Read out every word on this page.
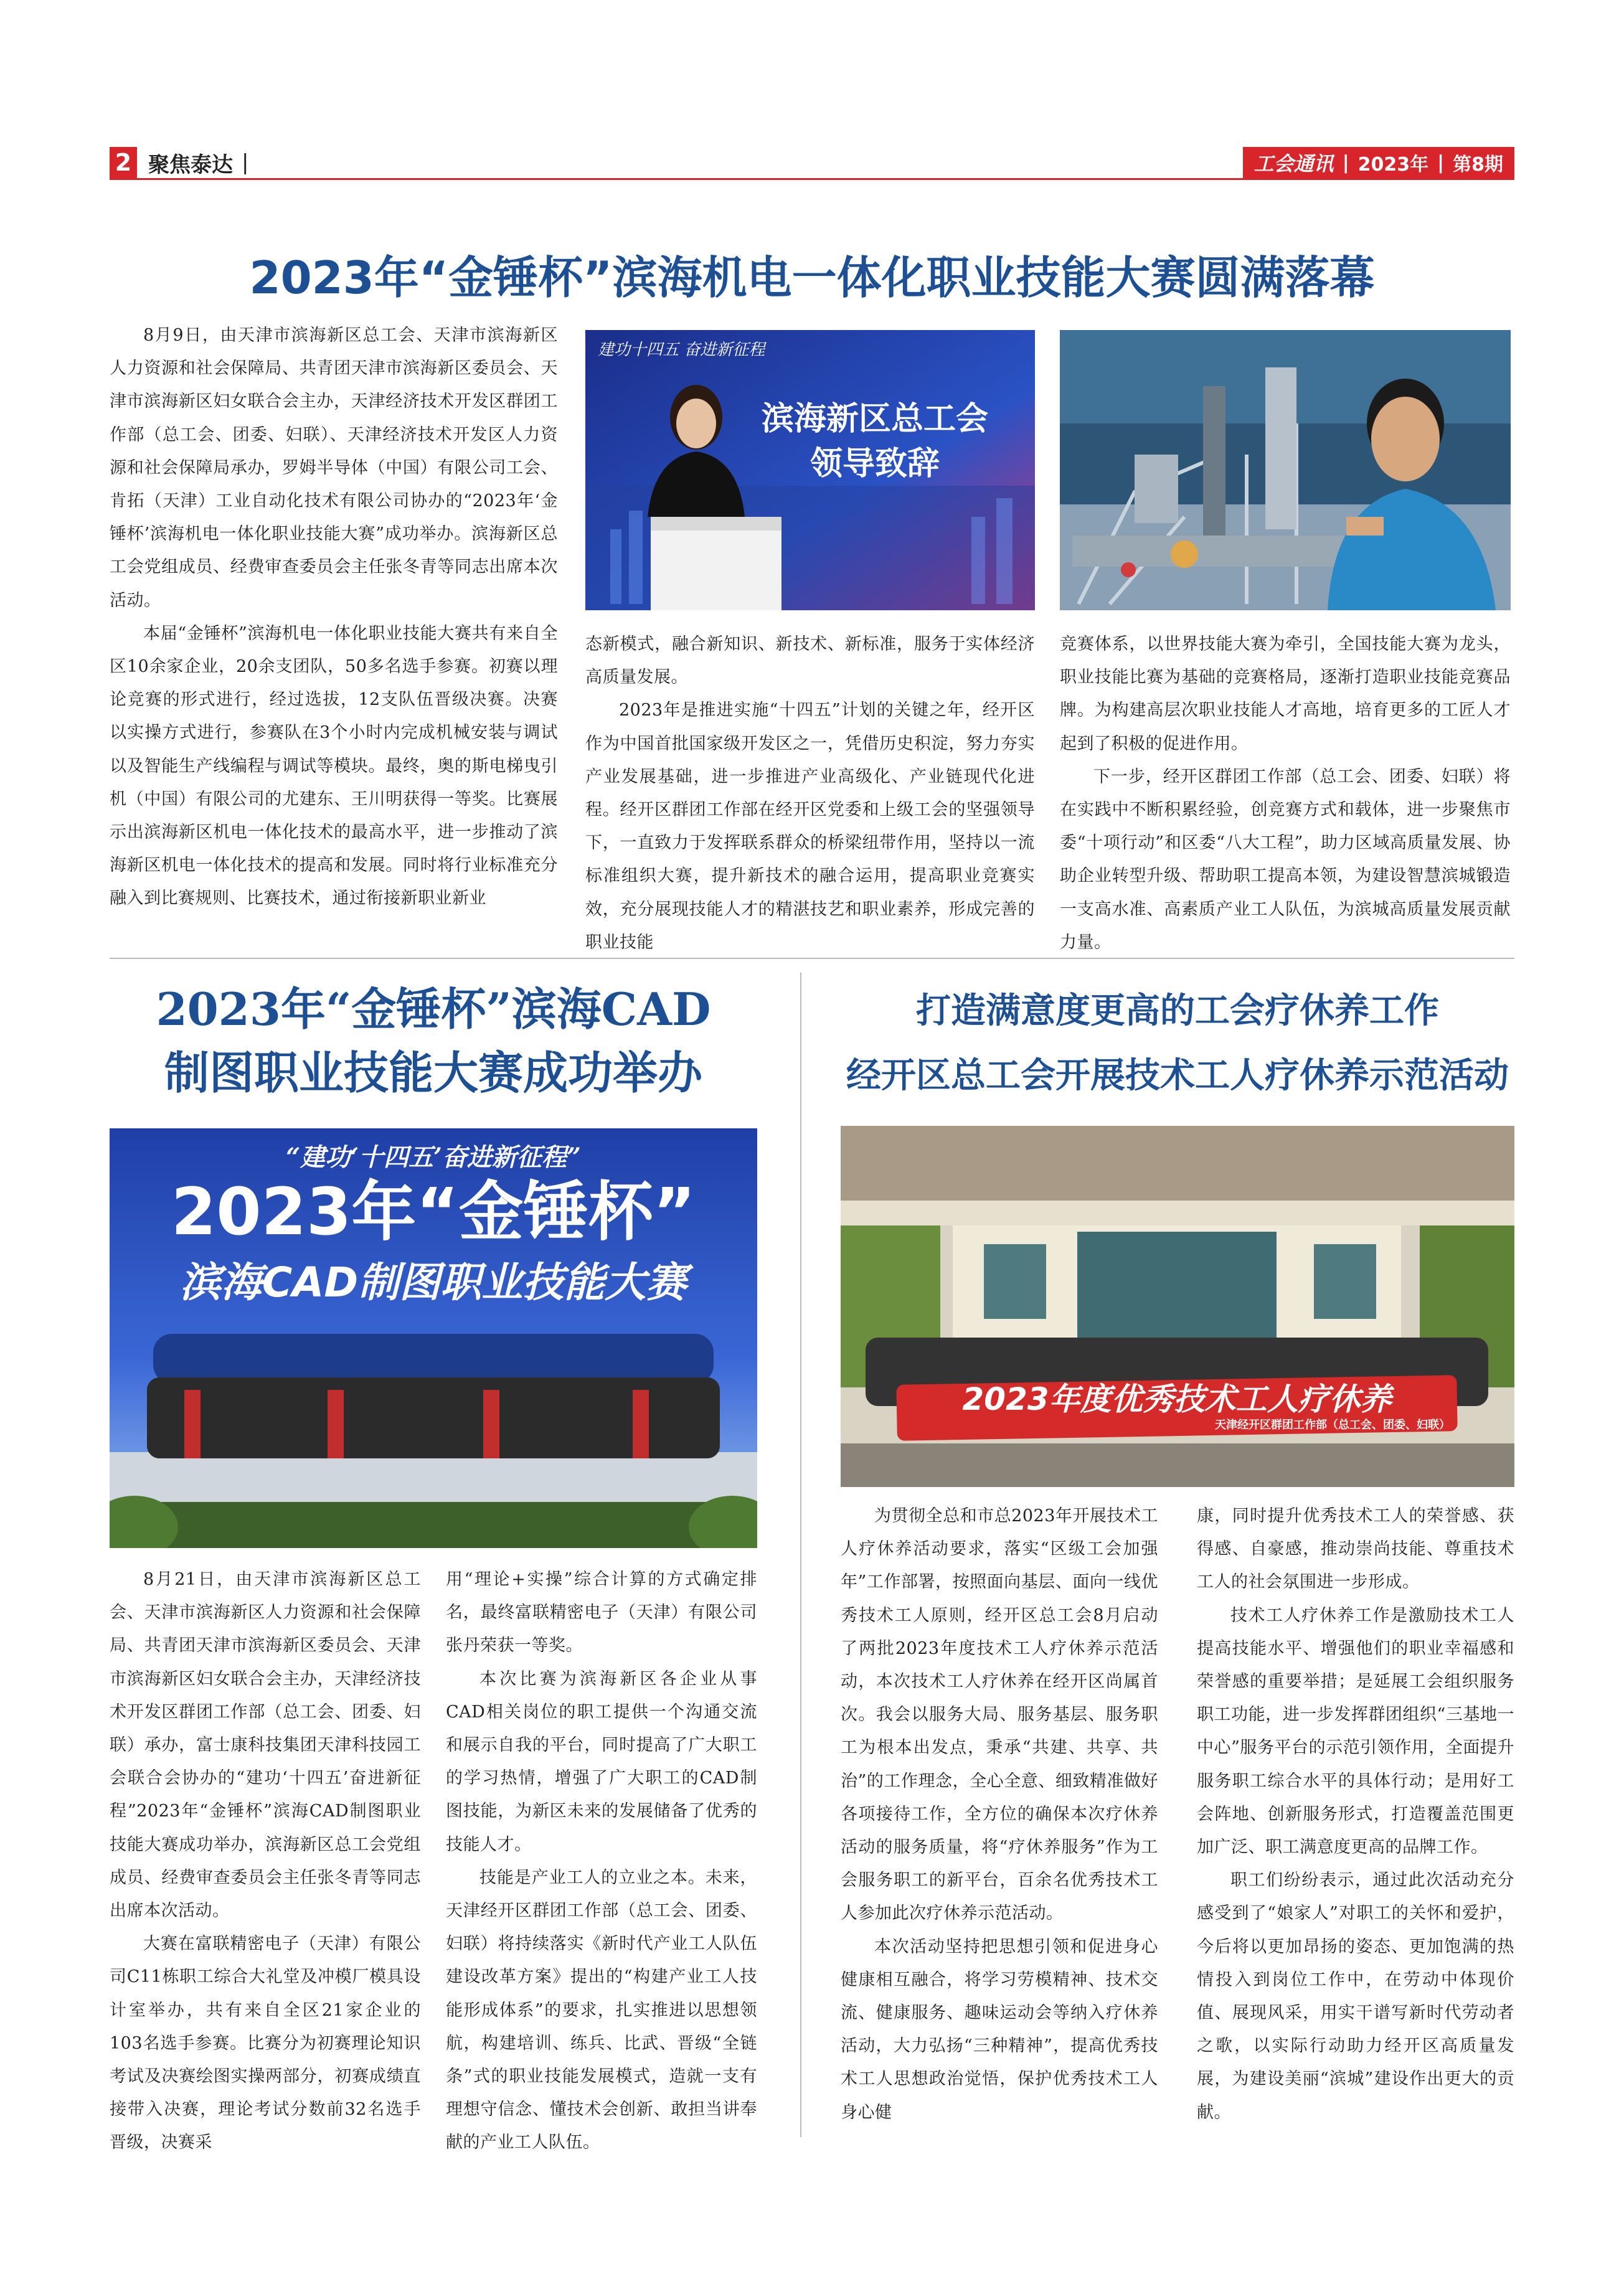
2 聚焦泰达 |	工会通讯 | 2023年 | 第8期
2023年“金锤杯”滨海机电一体化职业技能大赛圆满落幕

8月9日，由天津市滨海新区总工会、天津市滨海新区人力资源和社会保障局、共青团天津市滨海新区委员会、天津市滨海新区妇女联合会主办，天津经济技术开发区群团工作部（总工会、团委、妇联）、天津经济技术开发区人力资源和社会保障局承办，罗姆半导体（中国）有限公司工会、肯拓（天津）工业自动化技术有限公司协办的“2023年‘金锤杯’滨海机电一体化职业技能大赛”成功举办。滨海新区总工会党组成员、经费审查委员会主任张冬青等同志出席本次活动。

本届“金锤杯”滨海机电一体化职业技能大赛共有来自全区10余家企业，20余支团队，50多名选手参赛。初赛以理论竞赛的形式进行，经过选拔，12支队伍晋级决赛。决赛以实操方式进行，参赛队在3个小时内完成机械安装与调试以及智能生产线编程与调试等模块。最终，奥的斯电梯曳引机（中国）有限公司的尤建东、王川明获得一等奖。比赛展示出滨海新区机电一体化技术的最高水平，进一步推动了滨海新区机电一体化技术的提高和发展。同时将行业标准充分融入到比赛规则、比赛技术，通过衔接新职业新业

建功十四五 奋进新征程
滨海新区总工会
领导致辞

态新模式，融合新知识、新技术、新标准，服务于实体经济高质量发展。

2023年是推进实施“十四五”计划的关键之年，经开区作为中国首批国家级开发区之一，凭借历史积淀，努力夯实产业发展基础，进一步推进产业高级化、产业链现代化进程。经开区群团工作部在经开区党委和上级工会的坚强领导下，一直致力于发挥联系群众的桥梁纽带作用，坚持以一流标准组织大赛，提升新技术的融合运用，提高职业竞赛实效，充分展现技能人才的精湛技艺和职业素养，形成完善的职业技能

竞赛体系，以世界技能大赛为牵引，全国技能大赛为龙头，职业技能比赛为基础的竞赛格局，逐渐打造职业技能竞赛品牌。为构建高层次职业技能人才高地，培育更多的工匠人才起到了积极的促进作用。

下一步，经开区群团工作部（总工会、团委、妇联）将在实践中不断积累经验，创竞赛方式和载体，进一步聚焦市委“十项行动”和区委“八大工程”，助力区域高质量发展、协助企业转型升级、帮助职工提高本领，为建设智慧滨城锻造一支高水准、高素质产业工人队伍，为滨城高质量发展贡献力量。

2023年“金锤杯”滨海CAD
制图职业技能大赛成功举办
“建功‘十四五’奋进新征程”
2023年“金锤杯”
滨海CAD制图职业技能大赛

8月21日，由天津市滨海新区总工会、天津市滨海新区人力资源和社会保障局、共青团天津市滨海新区委员会、天津市滨海新区妇女联合会主办，天津经济技术开发区群团工作部（总工会、团委、妇联）承办，富士康科技集团天津科技园工会联合会协办的“建功‘十四五’奋进新征程”2023年“金锤杯”滨海CAD制图职业技能大赛成功举办，滨海新区总工会党组成员、经费审查委员会主任张冬青等同志出席本次活动。

大赛在富联精密电子（天津）有限公司C11栋职工综合大礼堂及冲模厂模具设计室举办，共有来自全区21家企业的103名选手参赛。比赛分为初赛理论知识考试及决赛绘图实操两部分，初赛成绩直接带入决赛，理论考试分数前32名选手晋级，决赛采

用“理论+实操”综合计算的方式确定排名，最终富联精密电子（天津）有限公司张丹荣获一等奖。

本次比赛为滨海新区各企业从事CAD相关岗位的职工提供一个沟通交流和展示自我的平台，同时提高了广大职工的学习热情，增强了广大职工的CAD制图技能，为新区未来的发展储备了优秀的技能人才。

技能是产业工人的立业之本。未来，天津经开区群团工作部（总工会、团委、妇联）将持续落实《新时代产业工人队伍建设改革方案》提出的“构建产业工人技能形成体系”的要求，扎实推进以思想领航，构建培训、练兵、比武、晋级“全链条”式的职业技能发展模式，造就一支有理想守信念、懂技术会创新、敢担当讲奉献的产业工人队伍。

打造满意度更高的工会疗休养工作
经开区总工会开展技术工人疗休养示范活动
2023年度优秀技术工人疗休养
天津经开区群团工作部（总工会、团委、妇联）

为贯彻全总和市总2023年开展技术工人疗休养活动要求，落实“区级工会加强年”工作部署，按照面向基层、面向一线优秀技术工人原则，经开区总工会8月启动了两批2023年度技术工人疗休养示范活动，本次技术工人疗休养在经开区尚属首次。我会以服务大局、服务基层、服务职工为根本出发点，秉承“共建、共享、共治”的工作理念，全心全意、细致精准做好各项接待工作，全方位的确保本次疗休养活动的服务质量，将“疗休养服务”作为工会服务职工的新平台，百余名优秀技术工人参加此次疗休养示范活动。

本次活动坚持把思想引领和促进身心健康相互融合，将学习劳模精神、技术交流、健康服务、趣味运动会等纳入疗休养活动，大力弘扬“三种精神”，提高优秀技术工人思想政治觉悟，保护优秀技术工人身心健

康，同时提升优秀技术工人的荣誉感、获得感、自豪感，推动崇尚技能、尊重技术工人的社会氛围进一步形成。

技术工人疗休养工作是激励技术工人提高技能水平、增强他们的职业幸福感和荣誉感的重要举措；是延展工会组织服务职工功能，进一步发挥群团组织“三基地一中心”服务平台的示范引领作用，全面提升服务职工综合水平的具体行动；是用好工会阵地、创新服务形式，打造覆盖范围更加广泛、职工满意度更高的品牌工作。

职工们纷纷表示，通过此次活动充分感受到了“娘家人”对职工的关怀和爱护，今后将以更加昂扬的姿态、更加饱满的热情投入到岗位工作中，在劳动中体现价值、展现风采，用实干谱写新时代劳动者之歌，以实际行动助力经开区高质量发展，为建设美丽“滨城”建设作出更大的贡献。
